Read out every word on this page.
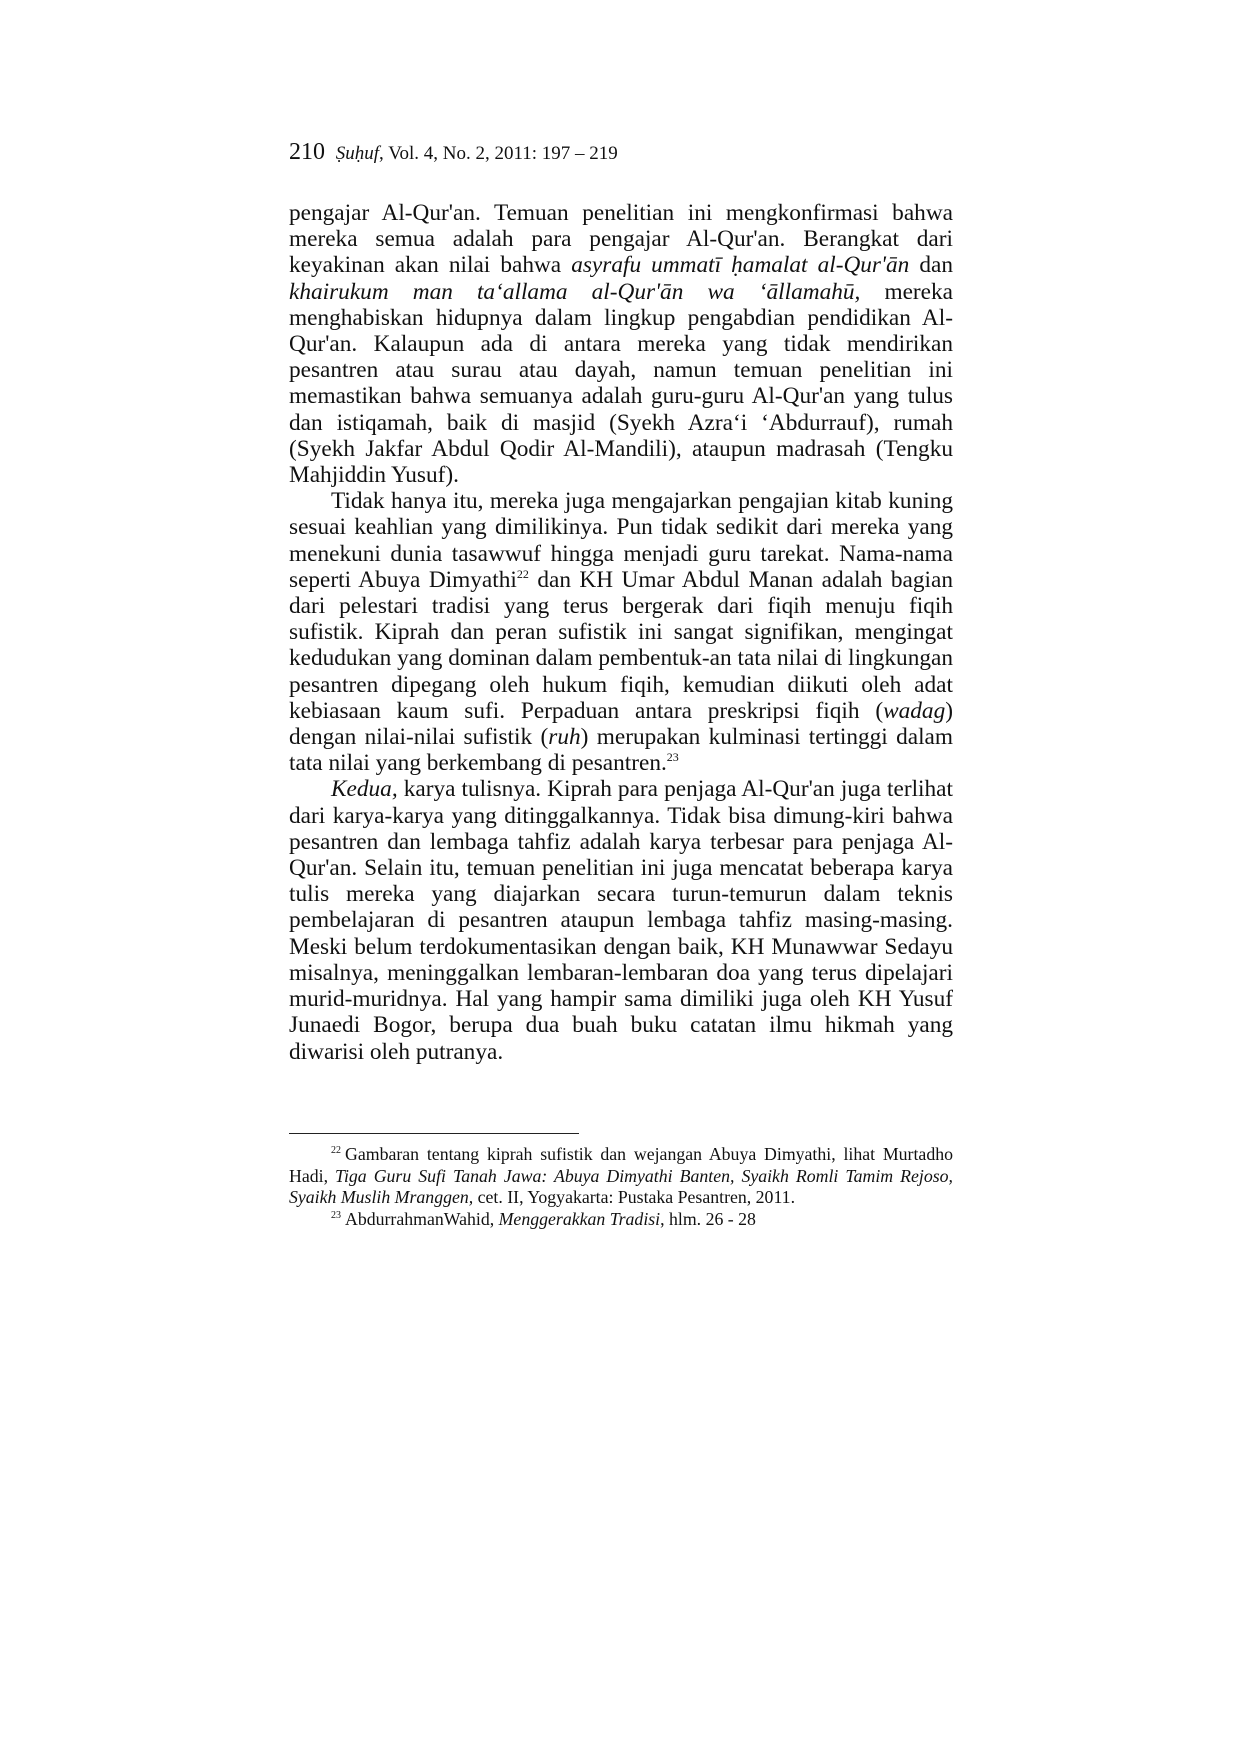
210 Ṣuḥuf, Vol. 4, No. 2, 2011: 197 – 219

pengajar Al-Qur'an. Temuan penelitian ini mengkonfirmasi bahwa mereka semua adalah para pengajar Al-Qur'an. Berangkat dari keyakinan akan nilai bahwa asyrafu ummatī ḥamalat al-Qur'ān dan khairukum man ta‘allama al-Qur'ān wa ‘āllamahū, mereka menghabiskan hidupnya dalam lingkup pengabdian pendidikan Al-Qur'an. Kalaupun ada di antara mereka yang tidak mendirikan pesantren atau surau atau dayah, namun temuan penelitian ini memastikan bahwa semuanya adalah guru-guru Al-Qur'an yang tulus dan istiqamah, baik di masjid (Syekh Azra‘i ‘Abdurrauf), rumah (Syekh Jakfar Abdul Qodir Al-Mandili), ataupun madrasah (Tengku Mahjiddin Yusuf).

Tidak hanya itu, mereka juga mengajarkan pengajian kitab kuning sesuai keahlian yang dimilikinya. Pun tidak sedikit dari mereka yang menekuni dunia tasawwuf hingga menjadi guru tarekat. Nama-nama seperti Abuya Dimyathi$^{22}$ dan KH Umar Abdul Manan adalah bagian dari pelestari tradisi yang terus bergerak dari fiqih menuju fiqih sufistik. Kiprah dan peran sufistik ini sangat signifikan, mengingat kedudukan yang dominan dalam pembentuk-an tata nilai di lingkungan pesantren dipegang oleh hukum fiqih, kemudian diikuti oleh adat kebiasaan kaum sufi. Perpaduan antara preskripsi fiqih (wadag) dengan nilai-nilai sufistik (ruh) merupakan kulminasi tertinggi dalam tata nilai yang berkembang di pesantren.$^{23}$

Kedua, karya tulisnya. Kiprah para penjaga Al-Qur'an juga terlihat dari karya-karya yang ditinggalkannya. Tidak bisa dimung-kiri bahwa pesantren dan lembaga tahfiz adalah karya terbesar para penjaga Al-Qur'an. Selain itu, temuan penelitian ini juga mencatat beberapa karya tulis mereka yang diajarkan secara turun-temurun dalam teknis pembelajaran di pesantren ataupun lembaga tahfiz masing-masing. Meski belum terdokumentasikan dengan baik, KH Munawwar Sedayu misalnya, meninggalkan lembaran-lembaran doa yang terus dipelajari murid-muridnya. Hal yang hampir sama dimiliki juga oleh KH Yusuf Junaedi Bogor, berupa dua buah buku catatan ilmu hikmah yang diwarisi oleh putranya.

$^{22}$ Gambaran tentang kiprah sufistik dan wejangan Abuya Dimyathi, lihat Murtadho Hadi, Tiga Guru Sufi Tanah Jawa: Abuya Dimyathi Banten, Syaikh Romli Tamim Rejoso, Syaikh Muslih Mranggen, cet. II, Yogyakarta: Pustaka Pesantren, 2011.

$^{23}$ AbdurrahmanWahid, Menggerakkan Tradisi, hlm. 26 - 28
